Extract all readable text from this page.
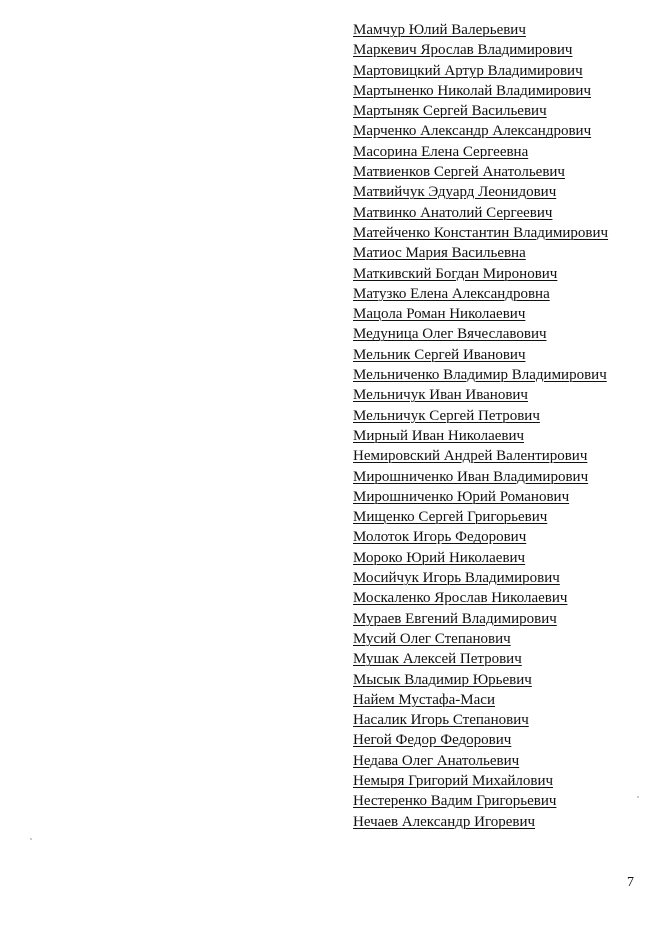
Мамчур Юлий Валерьевич
Маркевич Ярослав Владимирович
Мартовицкий Артур Владимирович
Мартыненко Николай Владимирович
Мартыняк Сергей Васильевич
Марченко Александр Александрович
Масорина Елена Сергеевна
Матвиенков Сергей Анатольевич
Матвийчук Эдуард Леонидович
Матвинко Анатолий Сергеевич
Матейченко Константин Владимирович
Матиос Мария Васильевна
Маткивский Богдан Миронович
Матузко Елена Александровна
Мацола Роман Николаевич
Медуница Олег Вячеславович
Мельник Сергей Иванович
Мельниченко Владимир Владимирович
Мельничук Иван Иванович
Мельничук Сергей Петрович
Мирный Иван Николаевич
Немировский Андрей Валентирович
Мирошниченко Иван Владимирович
Мирошниченко Юрий Романович
Мищенко Сергей Григорьевич
Молоток Игорь Федорович
Мороко Юрий Николаевич
Мосийчук Игорь Владимирович
Москаленко Ярослав Николаевич
Мураев Евгений Владимирович
Мусий Олег Степанович
Мушак Алексей Петрович
Мысык Владимир Юрьевич
Найем Мустафа-Маси
Насалик Игорь Степанович
Негой Федор Федорович
Недава Олег Анатольевич
Немыря Григорий Михайлович
Нестеренко Вадим Григорьевич
Нечаев Александр Игоревич
7
